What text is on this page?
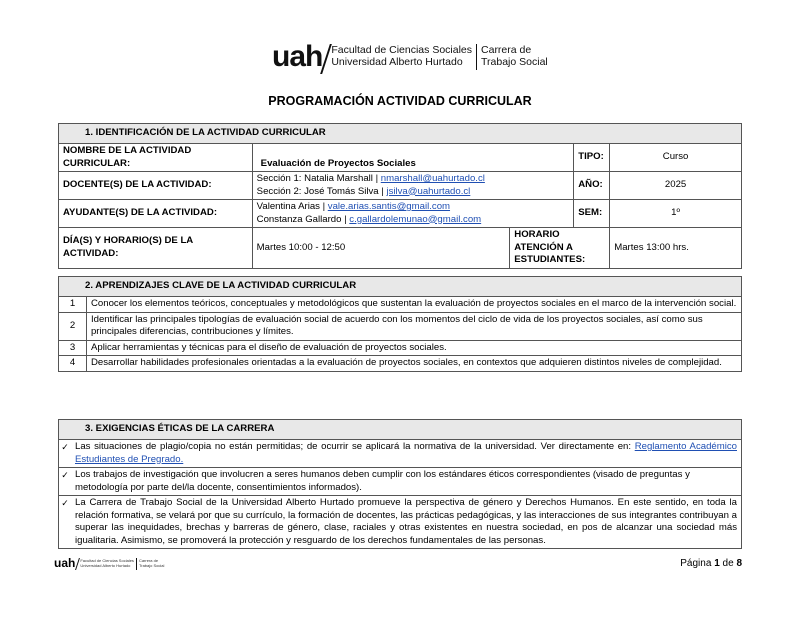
uah Facultad de Ciencias Sociales
Universidad Alberto Hurtado
Carrera de
Trabajo Social
PROGRAMACIÓN ACTIVIDAD CURRICULAR
1. IDENTIFICACIÓN DE LA ACTIVIDAD CURRICULAR				
NOMBRE DE LA ACTIVIDAD CURRICULAR:	Evaluación de Proyectos Sociales		TIPO:	Curso
DOCENTE(S) DE LA ACTIVIDAD:	Sección 1: Natalia Marshall | nmarshall@uahurtado.cl
Sección 2: José Tomás Silva | jsilva@uahurtado.cl		AÑO:	2025
AYUDANTE(S) DE LA ACTIVIDAD:	Valentina Arias | vale.arias.santis@gmail.com
Constanza Gallardo | c.gallardolemunao@gmail.com		SEM:	1º
DÍA(S) Y HORARIO(S) DE LA ACTIVIDAD:	Martes 10:00 - 12:50	HORARIO ATENCIÓN A ESTUDIANTES:		Martes 13:00 hrs.
2. APRENDIZAJES CLAVE DE LA ACTIVIDAD CURRICULAR	
1	Conocer los elementos teóricos, conceptuales y metodológicos que sustentan la evaluación de proyectos sociales en el marco de la intervención social.
2	Identificar las principales tipologías de evaluación social de acuerdo con los momentos del ciclo de vida de los proyectos sociales, así como sus principales diferencias, contribuciones y límites.
3	Aplicar herramientas y técnicas para el diseño de evaluación de proyectos sociales.
4	Desarrollar habilidades profesionales orientadas a la evaluación de proyectos sociales, en contextos que adquieren distintos niveles de complejidad.
3. EXIGENCIAS ÉTICAS DE LA CARRERA	
✓	Las situaciones de plagio/copia no están permitidas; de ocurrir se aplicará la normativa de la universidad. Ver directamente en: Reglamento Académico Estudiantes de Pregrado.
✓	Los trabajos de investigación que involucren a seres humanos deben cumplir con los estándares éticos correspondientes (visado de preguntas y metodología por parte del/la docente, consentimientos informados).
✓	La Carrera de Trabajo Social de la Universidad Alberto Hurtado promueve la perspectiva de género y Derechos Humanos. En este sentido, en toda la relación formativa, se velará por que su currículo, la formación de docentes, las prácticas pedagógicas, y las interacciones de sus integrantes contribuyan a superar las inequidades, brechas y barreras de género, clase, raciales y otras existentes en nuestra sociedad, en pos de alcanzar una sociedad más igualitaria. Asimismo, se promoverá la protección y resguardo de los derechos fundamentales de las personas.
uah Facultad de Ciencias Sociales
Universidad Alberto Hurtado
Carrera de
Trabajo Social	Página 1 de 8
